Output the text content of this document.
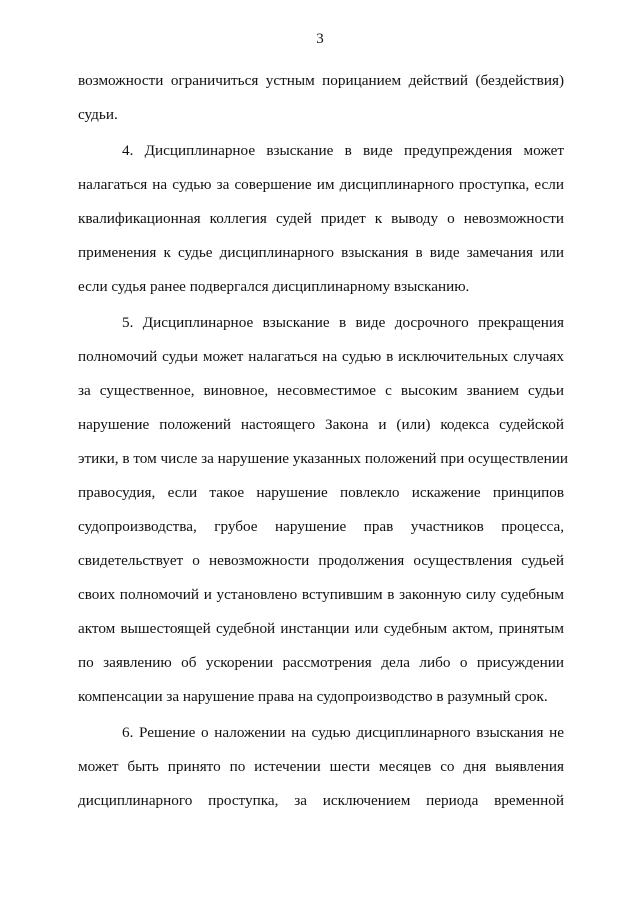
3
возможности ограничиться устным порицанием действий (бездействия)
судьи.
4. Дисциплинарное взыскание в виде предупреждения может
налагаться на судью за совершение им дисциплинарного проступка, если
квалификационная коллегия судей придет к выводу о невозможности
применения к судье дисциплинарного взыскания в виде замечания или
если судья ранее подвергался дисциплинарному взысканию.
5. Дисциплинарное взыскание в виде досрочного прекращения
полномочий судьи может налагаться на судью в исключительных случаях
за существенное, виновное, несовместимое с высоким званием судьи
нарушение положений настоящего Закона и (или) кодекса судейской
этики, в том числе за нарушение указанных положений при осуществлении
правосудия, если такое нарушение повлекло искажение принципов
судопроизводства, грубое нарушение прав участников процесса,
свидетельствует о невозможности продолжения осуществления судьей
своих полномочий и установлено вступившим в законную силу судебным
актом вышестоящей судебной инстанции или судебным актом, принятым
по заявлению об ускорении рассмотрения дела либо о присуждении
компенсации за нарушение права на судопроизводство в разумный срок.
6. Решение о наложении на судью дисциплинарного взыскания не
может быть принято по истечении шести месяцев со дня выявления
дисциплинарного проступка, за исключением периода временной
